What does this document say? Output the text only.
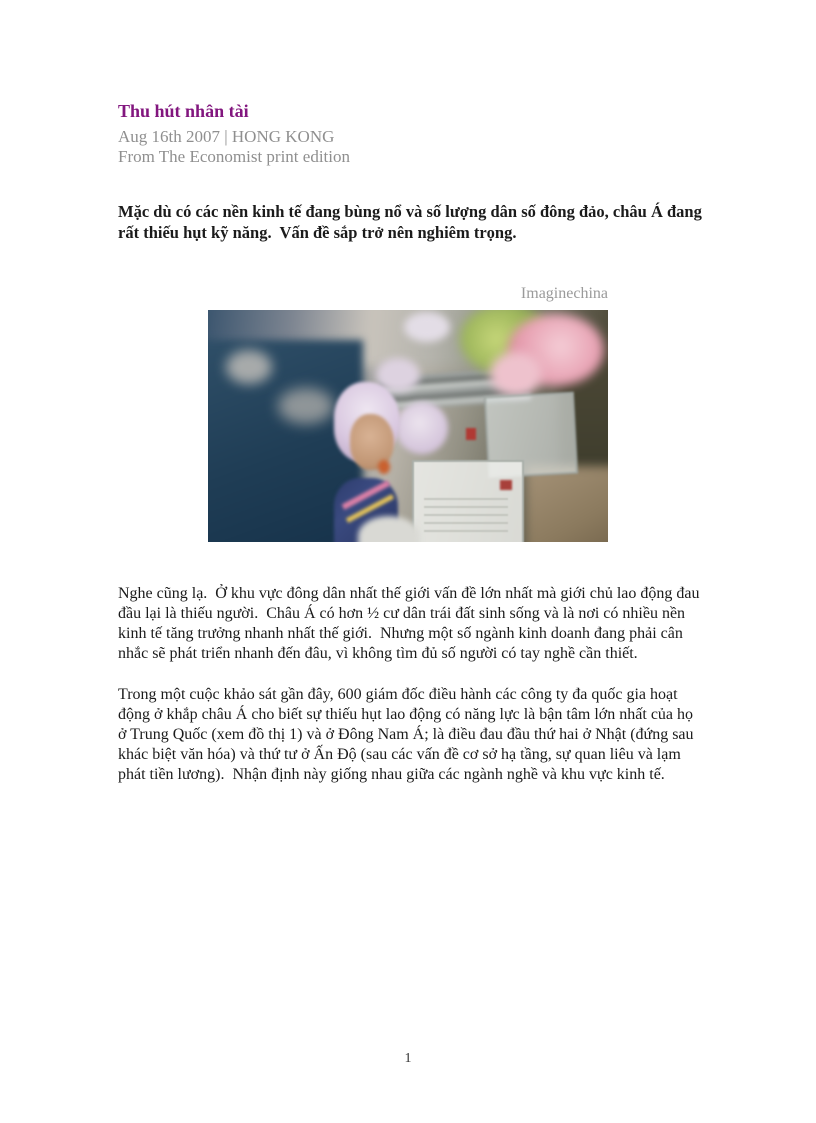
Thu hút nhân tài
Aug 16th 2007 | HONG KONG
From The Economist print edition

Mặc dù có các nền kinh tế đang bùng nổ và số lượng dân số đông đảo, châu Á đang rất thiếu hụt kỹ năng.  Vấn đề sắp trở nên nghiêm trọng.

Imaginechina

Nghe cũng lạ.  Ở khu vực đông dân nhất thế giới vấn đề lớn nhất mà giới chủ lao động đau đầu lại là thiếu người.  Châu Á có hơn ½ cư dân trái đất sinh sống và là nơi có nhiều nền kinh tế tăng trưởng nhanh nhất thế giới.  Nhưng một số ngành kinh doanh đang phải cân nhắc sẽ phát triển nhanh đến đâu, vì không tìm đủ số người có tay nghề cần thiết.

Trong một cuộc khảo sát gần đây, 600 giám đốc điều hành các công ty đa quốc gia hoạt động ở khắp châu Á cho biết sự thiếu hụt lao động có năng lực là bận tâm lớn nhất của họ ở Trung Quốc (xem đồ thị 1) và ở Đông Nam Á; là điều đau đầu thứ hai ở Nhật (đứng sau khác biệt văn hóa) và thứ tư ở Ấn Độ (sau các vấn đề cơ sở hạ tầng, sự quan liêu và lạm phát tiền lương).  Nhận định này giống nhau giữa các ngành nghề và khu vực kinh tế.

1
